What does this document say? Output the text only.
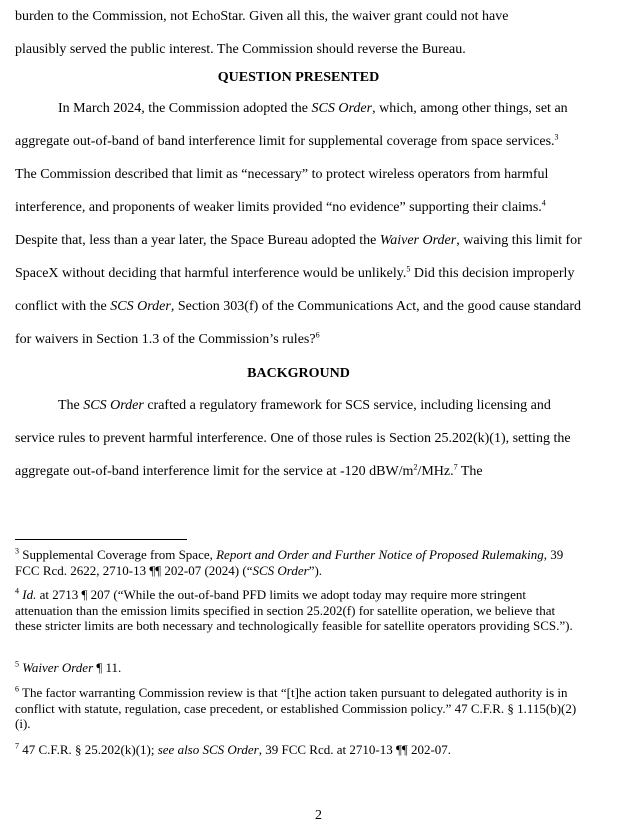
burden to the Commission, not EchoStar. Given all this, the waiver grant could not have
plausibly served the public interest. The Commission should reverse the Bureau.

QUESTION PRESENTED

In March 2024, the Commission adopted the SCS Order, which, among other things, set an aggregate out-of-band of band interference limit for supplemental coverage from space services.$^3$ The Commission described that limit as “necessary” to protect wireless operators from harmful interference, and proponents of weaker limits provided “no evidence” supporting their claims.$^4$ Despite that, less than a year later, the Space Bureau adopted the Waiver Order, waiving this limit for SpaceX without deciding that harmful interference would be unlikely.$^5$ Did this decision improperly conflict with the SCS Order, Section 303(f) of the Communications Act, and the good cause standard for waivers in Section 1.3 of the Commission’s rules?$^6$

BACKGROUND

The SCS Order crafted a regulatory framework for SCS service, including licensing and service rules to prevent harmful interference. One of those rules is Section 25.202(k)(1), setting the aggregate out-of-band interference limit for the service at -120 dBW/$m^2/MHz.^7$ The

$^3$ Supplemental Coverage from Space, Report and Order and Further Notice of Proposed Rulemaking, 39 FCC Rcd. 2622, 2710-13 ¶¶ 202-07 (2024) (“SCS Order”).

$^4$ Id. at 2713 ¶ 207 (“While the out-of-band PFD limits we adopt today may require more stringent attenuation than the emission limits specified in section 25.202(f) for satellite operation, we believe that these stricter limits are both necessary and technologically feasible for satellite operators providing SCS.”).

$^5$ Waiver Order ¶ 11.

$^6$ The factor warranting Commission review is that “[t]he action taken pursuant to delegated authority is in conflict with statute, regulation, case precedent, or established Commission policy.” 47 C.F.R. § 1.115(b)(2)(i).

$^7$ 47 C.F.R. § 25.202(k)(1); see also SCS Order, 39 FCC Rcd. at 2710-13 ¶¶ 202-07.

2
